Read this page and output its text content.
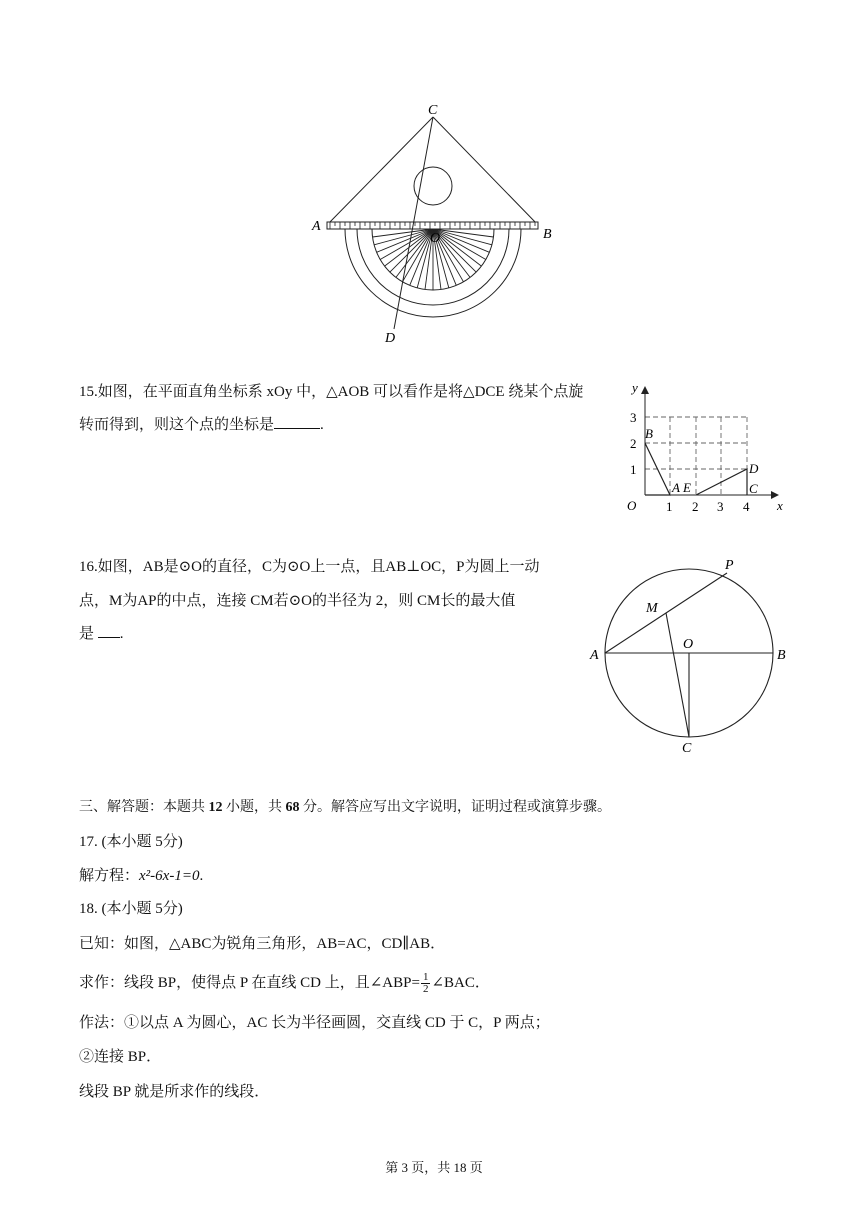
C
A
B
O
D
15.如图，在平面直角坐标系 xOy 中，△AOB 可以看作是将△DCE 绕某个点旋
转而得到，则这个点的坐标是	.
y
x
O
3
2
1
1 2 3 4
B
A E
D
C
16.如图，AB是⊙O的直径，C为⊙O上一点，且AB⊥OC，P为圆上一动
点，M为AP的中点，连接 CM若⊙O的半径为 2，则 CM长的最大值
是 .
P
M
O
A	B
C
三、解答题：本题共 12 小题，共 68 分。解答应写出文字说明，证明过程或演算步骤。
17. (本小题 5分)
解方程：x²-6x-1=0.
18. (本小题 5分)
已知：如图，△ABC为锐角三角形，AB=AC，CD∥AB．
求作：线段 BP，使得点 P 在直线 CD 上，且∠ABP= $\frac{1}{2}$ ∠BAC．
作法：①以点 A 为圆心，AC 长为半径画圆，交直线 CD 于 C，P 两点；
②连接 BP．
线段 BP 就是所求作的线段．
第 3 页，共 18 页
